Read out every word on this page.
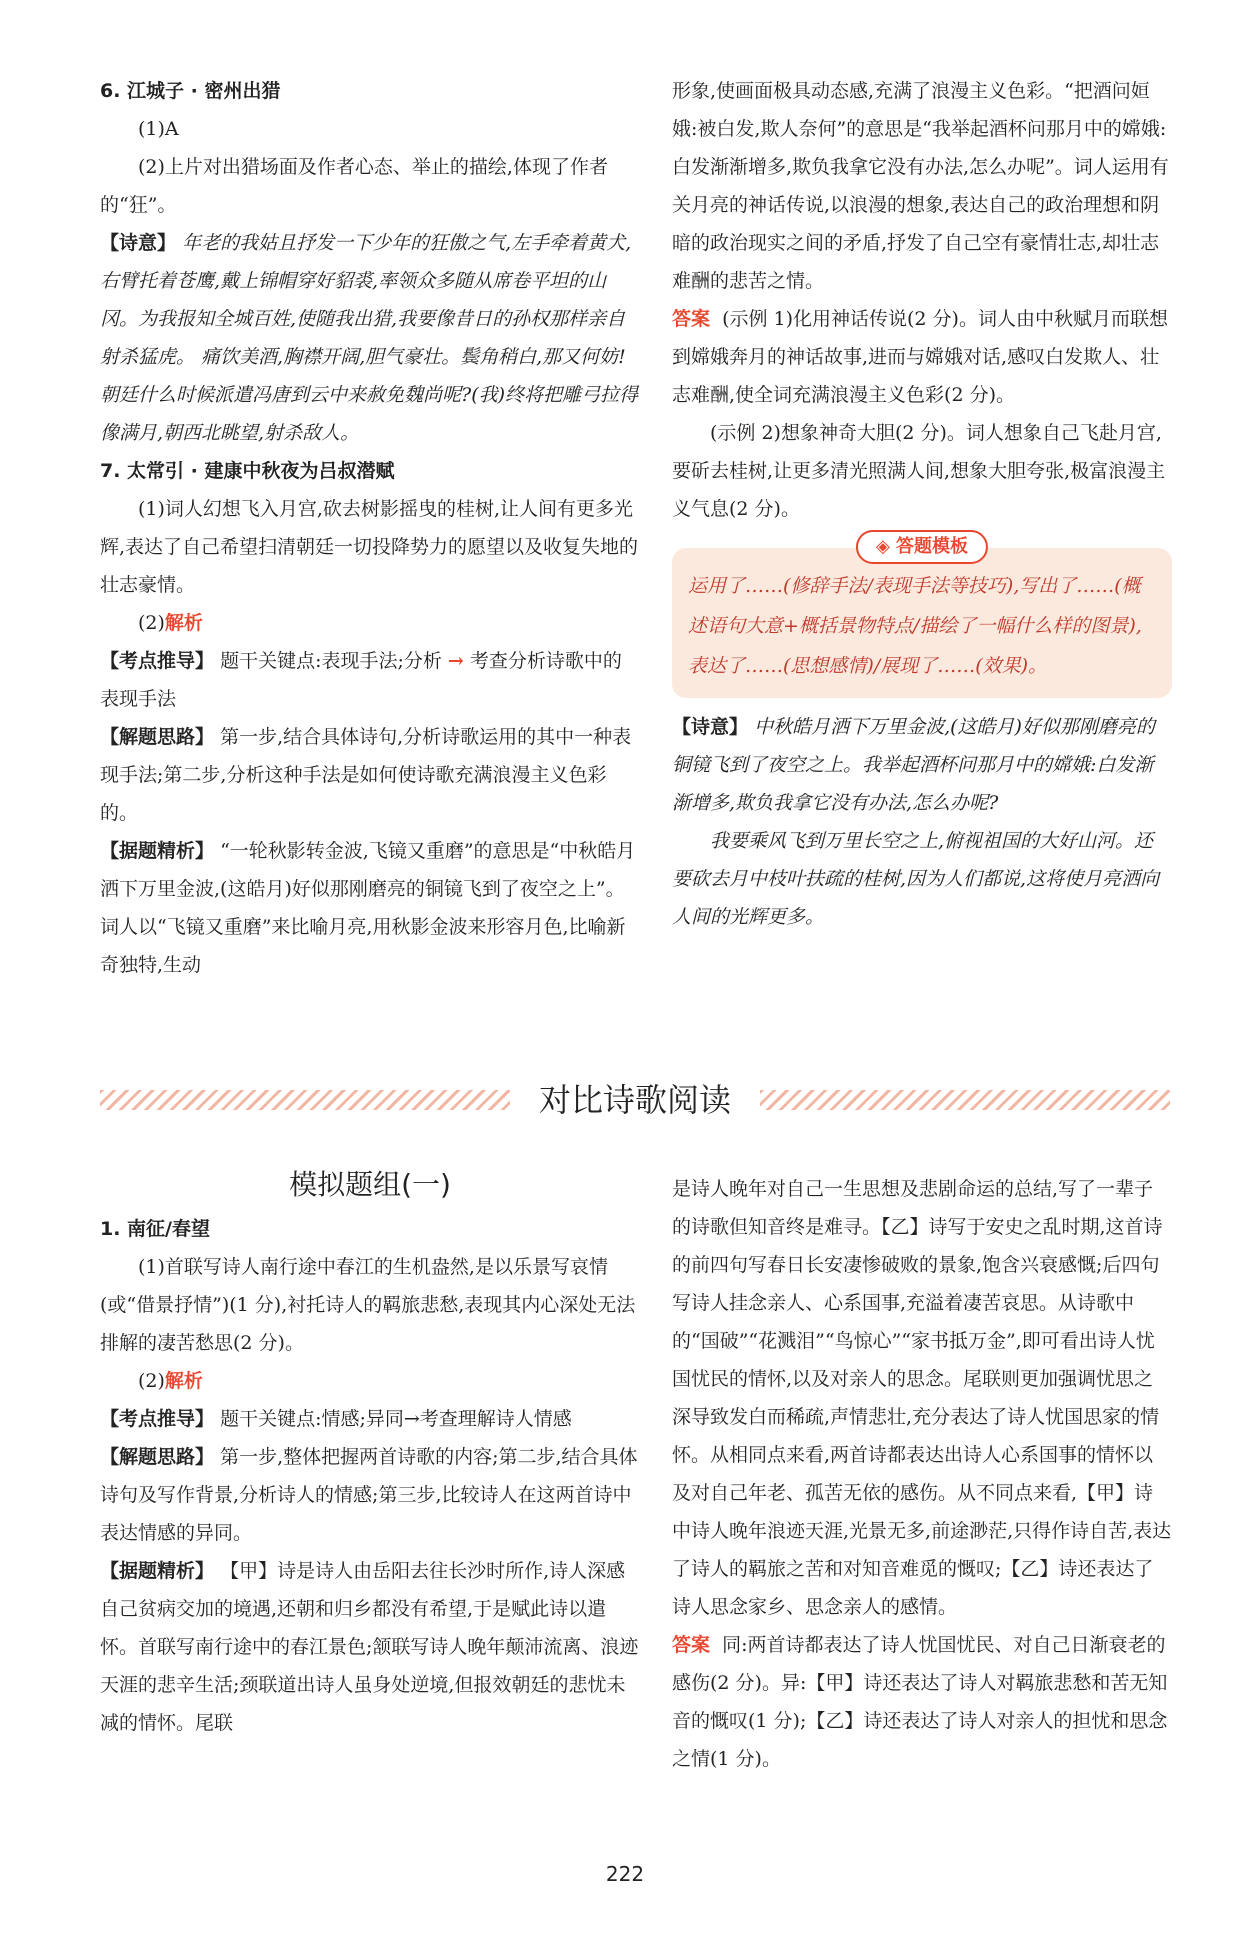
6. 江城子 · 密州出猎

(1)A

(2)上片对出猎场面及作者心态、举止的描绘,体现了作者的“狂”。

【诗意】 年老的我姑且抒发一下少年的狂傲之气,左手牵着黄犬,右臂托着苍鹰,戴上锦帽穿好貂裘,率领众多随从席卷平坦的山冈。为我报知全城百姓,使随我出猎,我要像昔日的孙权那样亲自射杀猛虎。 痛饮美酒,胸襟开阔,胆气豪壮。鬓角稍白,那又何妨!朝廷什么时候派遣冯唐到云中来赦免魏尚呢?(我)终将把雕弓拉得像满月,朝西北眺望,射杀敌人。

7. 太常引 · 建康中秋夜为吕叔潜赋

(1)词人幻想飞入月宫,砍去树影摇曳的桂树,让人间有更多光辉,表达了自己希望扫清朝廷一切投降势力的愿望以及收复失地的壮志豪情。

(2)解析

【考点推导】 题干关键点:表现手法;分析 → 考查分析诗歌中的表现手法

【解题思路】 第一步,结合具体诗句,分析诗歌运用的其中一种表现手法;第二步,分析这种手法是如何使诗歌充满浪漫主义色彩的。

【据题精析】 “一轮秋影转金波,飞镜又重磨”的意思是“中秋皓月洒下万里金波,(这皓月)好似那刚磨亮的铜镜飞到了夜空之上”。词人以“飞镜又重磨”来比喻月亮,用秋影金波来形容月色,比喻新奇独特,生动

形象,使画面极具动态感,充满了浪漫主义色彩。“把酒问姮娥:被白发,欺人奈何”的意思是“我举起酒杯问那月中的嫦娥:白发渐渐增多,欺负我拿它没有办法,怎么办呢”。词人运用有关月亮的神话传说,以浪漫的想象,表达自己的政治理想和阴暗的政治现实之间的矛盾,抒发了自己空有豪情壮志,却壮志难酬的悲苦之情。

答案 (示例 1)化用神话传说(2 分)。词人由中秋赋月而联想到嫦娥奔月的神话故事,进而与嫦娥对话,感叹白发欺人、壮志难酬,使全词充满浪漫主义色彩(2 分)。

(示例 2)想象神奇大胆(2 分)。词人想象自己飞赴月宫,要斫去桂树,让更多清光照满人间,想象大胆夸张,极富浪漫主义气息(2 分)。

◈ 答题模板
运用了……(修辞手法/表现手法等技巧),写出了……(概述语句大意+概括景物特点/描绘了一幅什么样的图景),表达了……(思想感情)/展现了……(效果)。

【诗意】 中秋皓月洒下万里金波,(这皓月)好似那刚磨亮的铜镜飞到了夜空之上。我举起酒杯问那月中的嫦娥:白发渐渐增多,欺负我拿它没有办法,怎么办呢?

我要乘风飞到万里长空之上,俯视祖国的大好山河。还要砍去月中枝叶扶疏的桂树,因为人们都说,这将使月亮洒向人间的光辉更多。

对比诗歌阅读
模拟题组(一)

1. 南征/春望

(1)首联写诗人南行途中春江的生机盎然,是以乐景写哀情(或“借景抒情”)(1 分),衬托诗人的羁旅悲愁,表现其内心深处无法排解的凄苦愁思(2 分)。

(2)解析

【考点推导】 题干关键点:情感;异同→考查理解诗人情感

【解题思路】 第一步,整体把握两首诗歌的内容;第二步,结合具体诗句及写作背景,分析诗人的情感;第三步,比较诗人在这两首诗中表达情感的异同。

【据题精析】 【甲】诗是诗人由岳阳去往长沙时所作,诗人深感自己贫病交加的境遇,还朝和归乡都没有希望,于是赋此诗以遣怀。首联写南行途中的春江景色;颔联写诗人晚年颠沛流离、浪迹天涯的悲辛生活;颈联道出诗人虽身处逆境,但报效朝廷的悲忧未减的情怀。尾联

是诗人晚年对自己一生思想及悲剧命运的总结,写了一辈子的诗歌但知音终是难寻。【乙】诗写于安史之乱时期,这首诗的前四句写春日长安凄惨破败的景象,饱含兴衰感慨;后四句写诗人挂念亲人、心系国事,充溢着凄苦哀思。从诗歌中的“国破”“花溅泪”“鸟惊心”“家书抵万金”,即可看出诗人忧国忧民的情怀,以及对亲人的思念。尾联则更加强调忧思之深导致发白而稀疏,声情悲壮,充分表达了诗人忧国思家的情怀。从相同点来看,两首诗都表达出诗人心系国事的情怀以及对自己年老、孤苦无依的感伤。从不同点来看,【甲】诗中诗人晚年浪迹天涯,光景无多,前途渺茫,只得作诗自苦,表达了诗人的羁旅之苦和对知音难觅的慨叹;【乙】诗还表达了诗人思念家乡、思念亲人的感情。

答案 同:两首诗都表达了诗人忧国忧民、对自己日渐衰老的感伤(2 分)。异:【甲】诗还表达了诗人对羁旅悲愁和苦无知音的慨叹(1 分);【乙】诗还表达了诗人对亲人的担忧和思念之情(1 分)。

222
